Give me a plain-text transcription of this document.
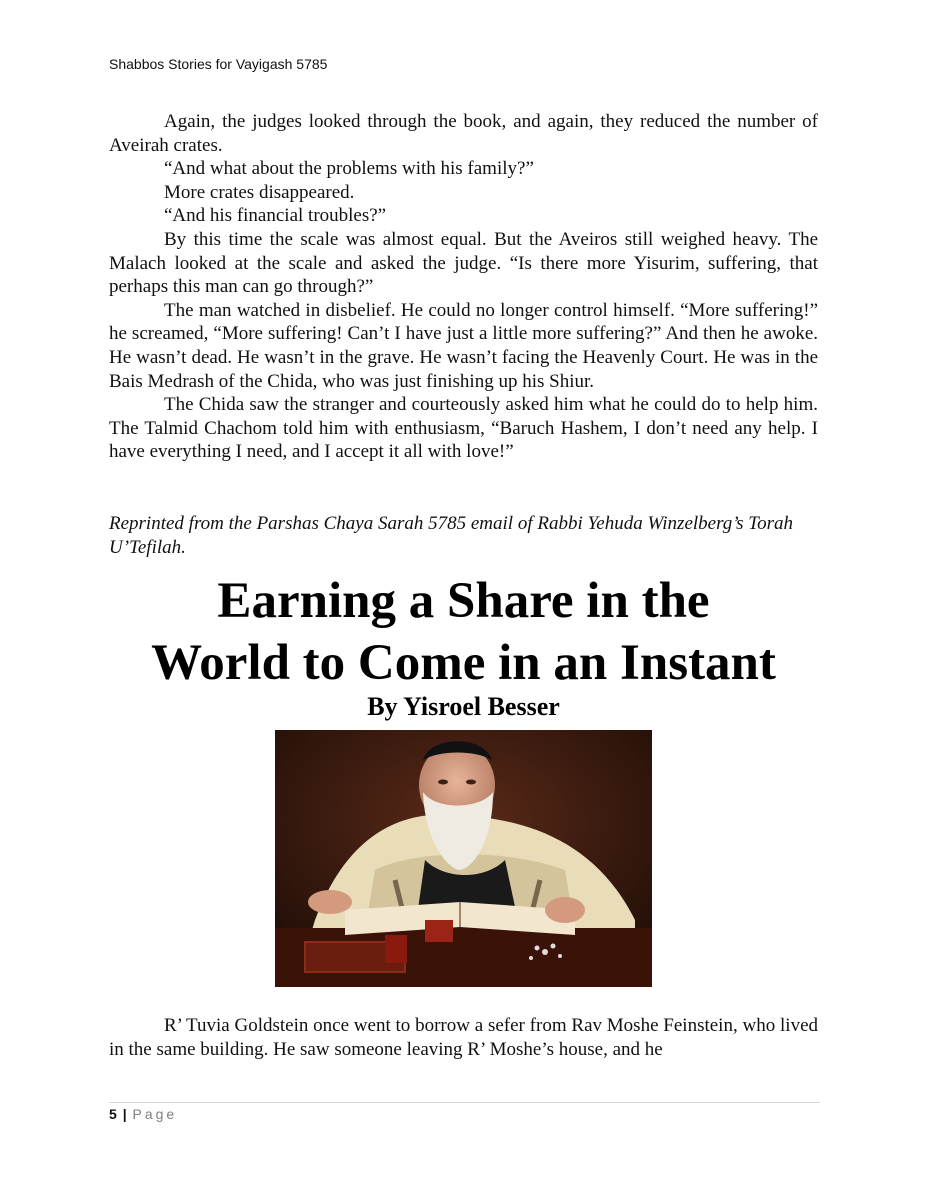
Shabbos Stories for Vayigash 5785

Again, the judges looked through the book, and again, they reduced the number of Aveirah crates.

“And what about the problems with his family?”

More crates disappeared.

“And his financial troubles?”

By this time the scale was almost equal. But the Aveiros still weighed heavy. The Malach looked at the scale and asked the judge. “Is there more Yisurim, suffering, that perhaps this man can go through?”

The man watched in disbelief. He could no longer control himself. “More suffering!” he screamed, “More suffering! Can’t I have just a little more suffering?” And then he awoke. He wasn’t dead. He wasn’t in the grave. He wasn’t facing the Heavenly Court. He was in the Bais Medrash of the Chida, who was just finishing up his Shiur.

The Chida saw the stranger and courteously asked him what he could do to help him. The Talmid Chachom told him with enthusiasm, “Baruch Hashem, I don’t need any help. I have everything I need, and I accept it all with love!”

Reprinted from the Parshas Chaya Sarah 5785 email of Rabbi Yehuda Winzelberg’s Torah U’Tefilah.

Earning a Share in the
World to Come in an Instant
By Yisroel Besser

R’ Tuvia Goldstein once went to borrow a sefer from Rav Moshe Feinstein, who lived in the same building. He saw someone leaving R’ Moshe’s house, and he

5 | Page
